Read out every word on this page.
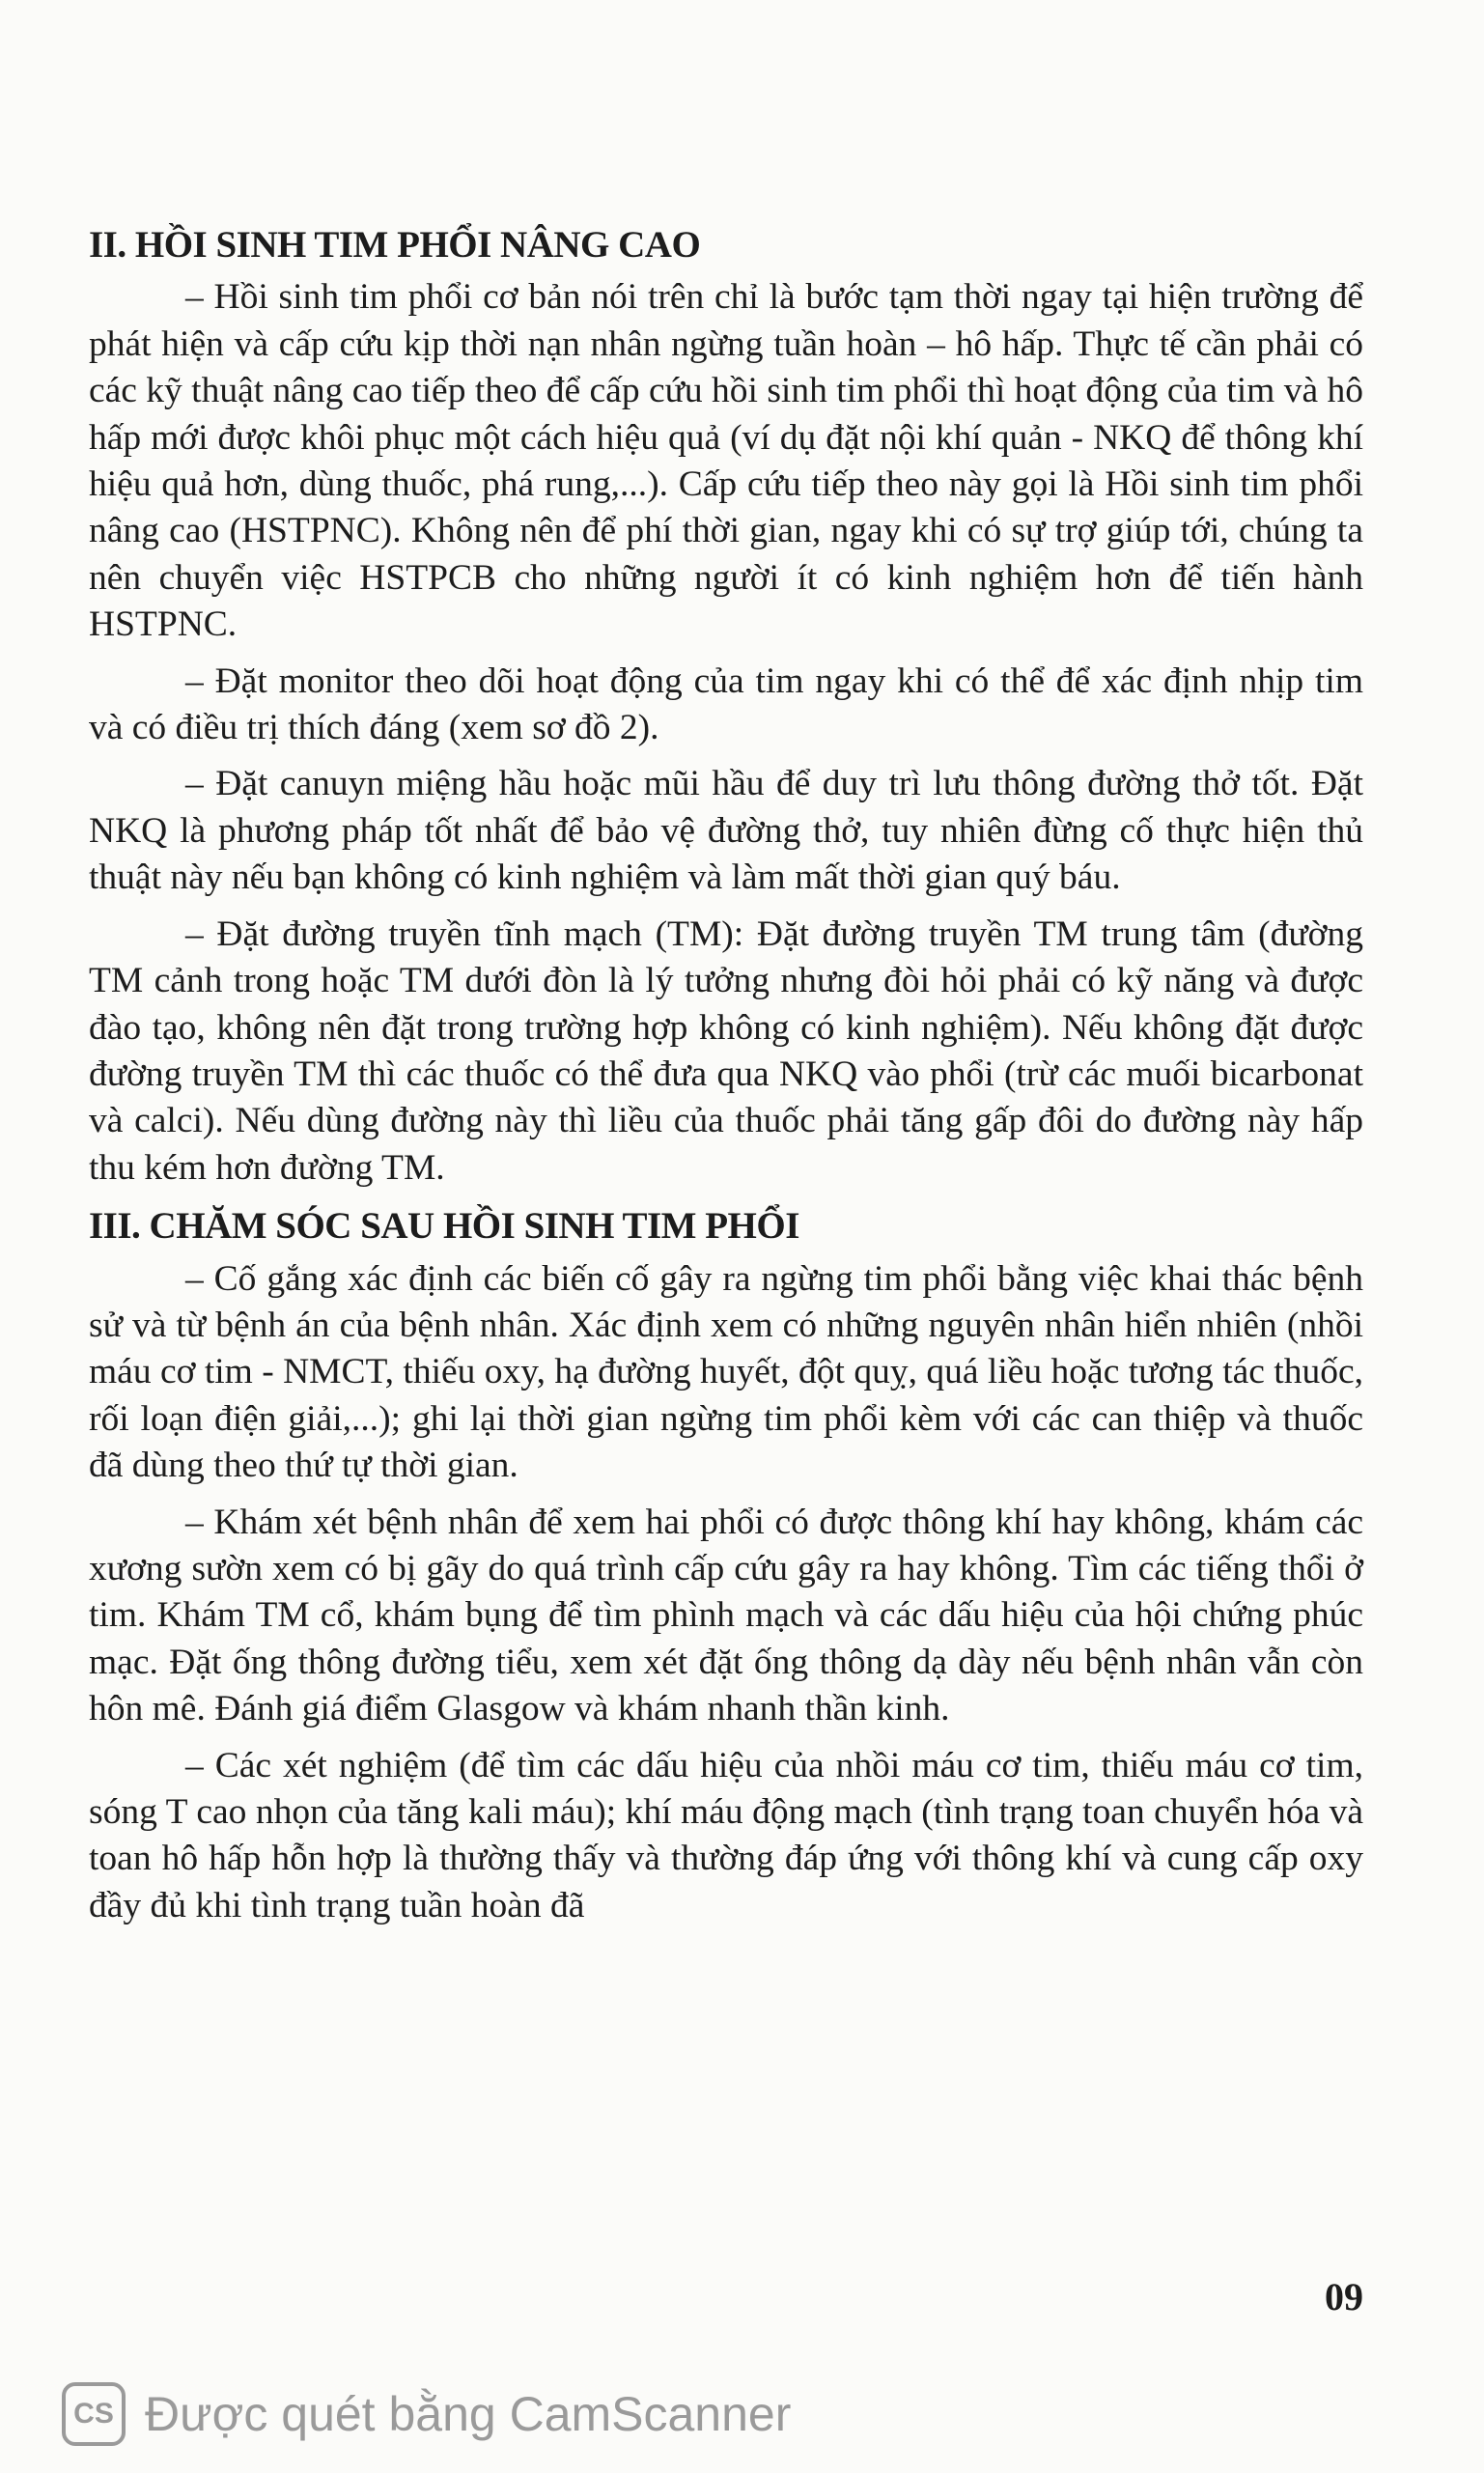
II. HỒI SINH TIM PHỔI NÂNG CAO

– Hồi sinh tim phổi cơ bản nói trên chỉ là bước tạm thời ngay tại hiện trường để phát hiện và cấp cứu kịp thời nạn nhân ngừng tuần hoàn – hô hấp. Thực tế cần phải có các kỹ thuật nâng cao tiếp theo để cấp cứu hồi sinh tim phổi thì hoạt động của tim và hô hấp mới được khôi phục một cách hiệu quả (ví dụ đặt nội khí quản - NKQ để thông khí hiệu quả hơn, dùng thuốc, phá rung,...). Cấp cứu tiếp theo này gọi là Hồi sinh tim phổi nâng cao (HSTPNC). Không nên để phí thời gian, ngay khi có sự trợ giúp tới, chúng ta nên chuyển việc HSTPCB cho những người ít có kinh nghiệm hơn để tiến hành HSTPNC.

– Đặt monitor theo dõi hoạt động của tim ngay khi có thể để xác định nhịp tim và có điều trị thích đáng (xem sơ đồ 2).

– Đặt canuyn miệng hầu hoặc mũi hầu để duy trì lưu thông đường thở tốt. Đặt NKQ là phương pháp tốt nhất để bảo vệ đường thở, tuy nhiên đừng cố thực hiện thủ thuật này nếu bạn không có kinh nghiệm và làm mất thời gian quý báu.

– Đặt đường truyền tĩnh mạch (TM): Đặt đường truyền TM trung tâm (đường TM cảnh trong hoặc TM dưới đòn là lý tưởng nhưng đòi hỏi phải có kỹ năng và được đào tạo, không nên đặt trong trường hợp không có kinh nghiệm). Nếu không đặt được đường truyền TM thì các thuốc có thể đưa qua NKQ vào phổi (trừ các muối bicarbonat và calci). Nếu dùng đường này thì liều của thuốc phải tăng gấp đôi do đường này hấp thu kém hơn đường TM.

III. CHĂM SÓC SAU HỒI SINH TIM PHỔI

– Cố gắng xác định các biến cố gây ra ngừng tim phổi bằng việc khai thác bệnh sử và từ bệnh án của bệnh nhân. Xác định xem có những nguyên nhân hiển nhiên (nhồi máu cơ tim - NMCT, thiếu oxy, hạ đường huyết, đột quỵ, quá liều hoặc tương tác thuốc, rối loạn điện giải,...); ghi lại thời gian ngừng tim phổi kèm với các can thiệp và thuốc đã dùng theo thứ tự thời gian.

– Khám xét bệnh nhân để xem hai phổi có được thông khí hay không, khám các xương sườn xem có bị gãy do quá trình cấp cứu gây ra hay không. Tìm các tiếng thổi ở tim. Khám TM cổ, khám bụng để tìm phình mạch và các dấu hiệu của hội chứng phúc mạc. Đặt ống thông đường tiểu, xem xét đặt ống thông dạ dày nếu bệnh nhân vẫn còn hôn mê. Đánh giá điểm Glasgow và khám nhanh thần kinh.

– Các xét nghiệm (để tìm các dấu hiệu của nhồi máu cơ tim, thiếu máu cơ tim, sóng T cao nhọn của tăng kali máu); khí máu động mạch (tình trạng toan chuyển hóa và toan hô hấp hỗn hợp là thường thấy và thường đáp ứng với thông khí và cung cấp oxy đầy đủ khi tình trạng tuần hoàn đã

09
CS Được quét bằng CamScanner
